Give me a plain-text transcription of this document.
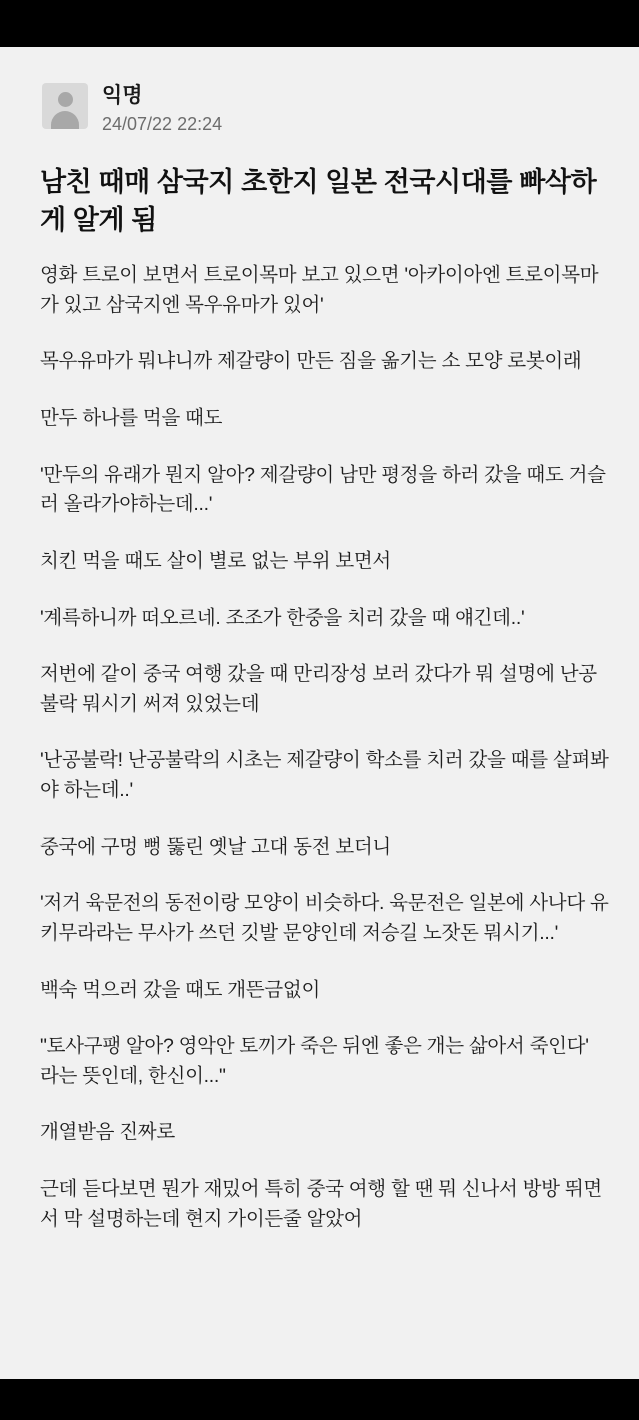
익명
24/07/22 22:24
남친 때매 삼국지 초한지 일본 전국시대를 빠삭하게 알게 됨

영화 트로이 보면서 트로이목마 보고 있으면 '아카이아엔 트로이목마가 있고 삼국지엔 목우유마가 있어'

목우유마가 뭐냐니까 제갈량이 만든 짐을 옮기는 소 모양 로봇이래

만두 하나를 먹을 때도

'만두의 유래가 뭔지 알아? 제갈량이 남만 평정을 하러 갔을 때도 거슬러 올라가야하는데...'

치킨 먹을 때도 살이 별로 없는 부위 보면서

'계륵하니까 떠오르네. 조조가 한중을 치러 갔을 때 얘긴데..'

저번에 같이 중국 여행 갔을 때 만리장성 보러 갔다가 뭐 설명에 난공불락 뭐시기 써져 있었는데

'난공불락! 난공불락의 시초는 제갈량이 학소를 치러 갔을 때를 살펴봐야 하는데..'

중국에 구멍 뻥 뚫린 옛날 고대 동전 보더니

'저거 육문전의 동전이랑 모양이 비슷하다. 육문전은 일본에 사나다 유키무라라는 무사가 쓰던 깃발 문양인데 저승길 노잣돈 뭐시기...'

백숙 먹으러 갔을 때도 개뜬금없이

"토사구팽 알아? 영악안 토끼가 죽은 뒤엔 좋은 개는 삶아서 죽인다' 라는 뜻인데, 한신이..."

개열받음 진짜로

근데 듣다보면 뭔가 재밌어 특히 중국 여행 할 땐 뭐 신나서 방방 뛰면서 막 설명하는데 현지 가이든줄 알았어
